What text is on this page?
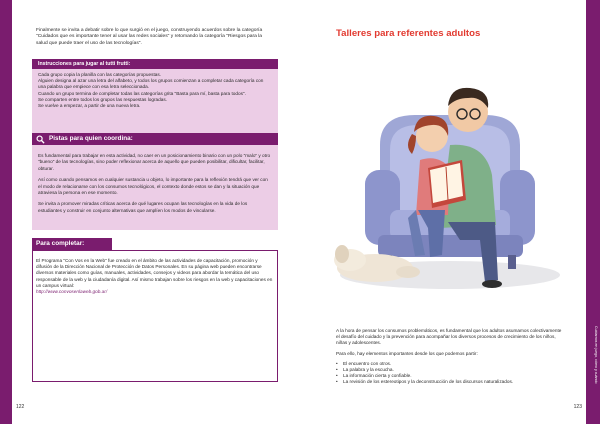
Finalmente se invita a debatir sobre lo que surgió en el juego, construyendo acuerdos sobre la categoría "Cuidados que es importante tener al usar las redes sociales" y retomando la categoría "Riesgos para la salud que puede traer el uso de las tecnologías".
Instrucciones para jugar al tutti frutti:
Cada grupo copia la planilla con las categorías propuestas.
Alguien designa al azar una letra del alfabeto, y todos los grupos comienzan a completar cada categoría con una palabra que empiece con esa letra seleccionada.
Cuando un grupo termina de completar todas las categorías grita "Basta para mí, basta para todos".
Se comparten entre todos los grupos las respuestas logradas.
Se vuelve a empezar, a partir de una nueva letra.
Pistas para quien coordina:

Es fundamental para trabajar en esta actividad, no caer en un posicionamiento binario con un polo "malo" y otro "bueno" de las tecnologías, sino poder reflexionar acerca de aquello que pueden posibilitar, dificultar, facilitar, obturar.

Así como cuando pensamos en cualquier sustancia u objeto, lo importante para la reflexión tendrá que ver con el modo de relacionarse con los consumos tecnológicos, el contexto donde estos se dan y la situación que atraviesa la persona en ese momento.

Se invita a promover miradas críticas acerca de qué lugares ocupan las tecnologías en la vida de los estudiantes y construir en conjunto alternativas que amplíen los modos de vincularse.

Para completar:
El Programa "Con Vos en la Web" fue creado en el ámbito de las actividades de capacitación, promoción y difusión de la Dirección Nacional de Protección de Datos Personales. En su página web pueden encontrarse diversos materiales como guías, manuales, actividades, consejos y videos para abordar la temática del uso responsable de la web y la ciudadanía digital. Así mismo trabajan sobre los riesgos en la web y capacitaciones en un campus virtual:
http://www.convosenlaweb.gob.ar/
122
Cuidarnos en juego, cómo y cuándo
Talleres para referentes adultos

A la hora de pensar los consumos problemáticos, es fundamental que los adultos asumamos colectivamente el desafío del cuidado y la prevención para acompañar los diversos procesos de crecimiento de los niños, niñas y adolescentes.

Para ello, hay elementos importantes desde los que podemos partir:

• El encuentro con otros.
• La palabra y la escucha.
• La información cierta y confiable.
• La revisión de los estereotipos y la deconstrucción de los discursos naturalizados.
123
